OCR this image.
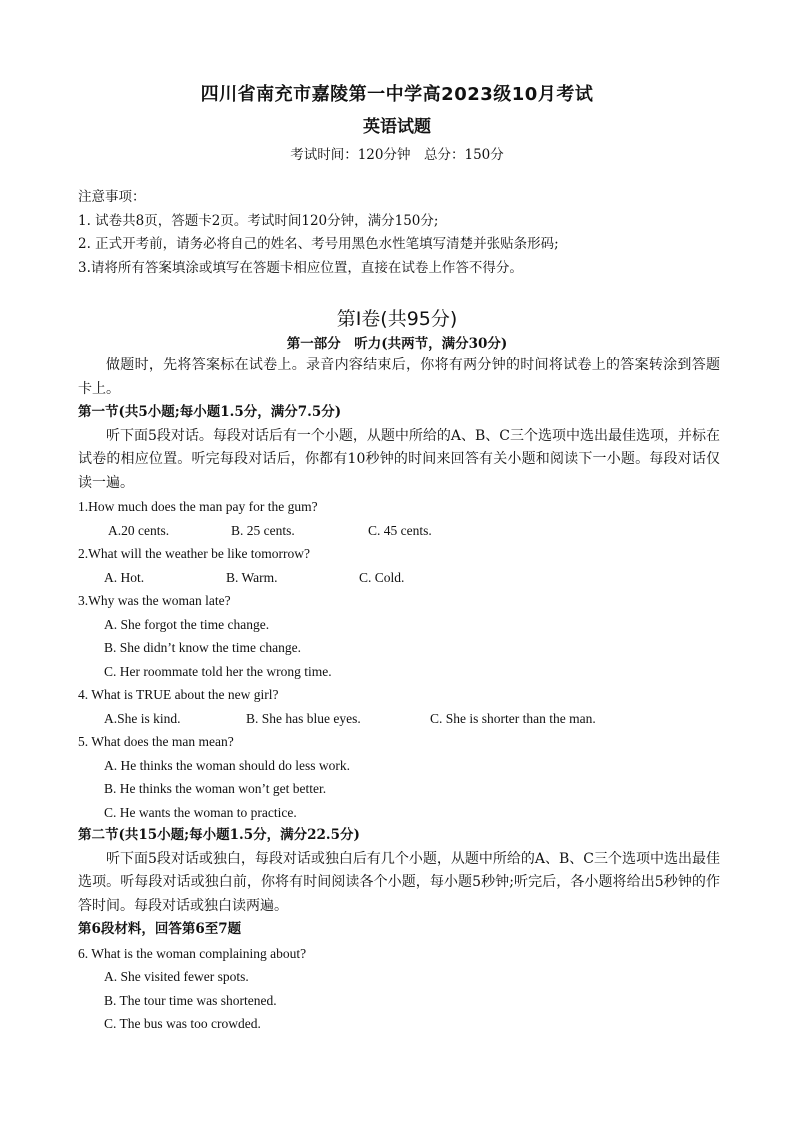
四川省南充市嘉陵第一中学高2023级10月考试
英语试题
考试时间：120分钟　总分：150分
注意事项：
1. 试卷共8页，答题卡2页。考试时间120分钟，满分150分;
2. 正式开考前，请务必将自己的姓名、考号用黑色水性笔填写清楚并张贴条形码;
3.请将所有答案填涂或填写在答题卡相应位置，直接在试卷上作答不得分。
第Ⅰ卷(共95分)
第一部分　听力(共两节，满分30分)
做题时，先将答案标在试卷上。录音内容结束后，你将有两分钟的时间将试卷上的答案转涂到答题卡上。
第一节(共5小题;每小题1.5分，满分7.5分)
听下面5段对话。每段对话后有一个小题，从题中所给的A、B、C三个选项中选出最佳选项，并标在试卷的相应位置。听完每段对话后，你都有10秒钟的时间来回答有关小题和阅读下一小题。每段对话仅读一遍。
1.How much does the man pay for the gum?
A.20 cents.	B. 25 cents.	C. 45 cents.
2.What will the weather be like tomorrow?
A. Hot.	B. Warm.	C. Cold.
3.Why was the woman late?
A. She forgot the time change.
B. She didn’t know the time change.
C. Her roommate told her the wrong time.
4. What is TRUE about the new girl?
A.She is kind.	B. She has blue eyes.	C. She is shorter than the man.
5. What does the man mean?
A. He thinks the woman should do less work.
B. He thinks the woman won’t get better.
C. He wants the woman to practice.
第二节(共15小题;每小题1.5分，满分22.5分)
听下面5段对话或独白，每段对话或独白后有几个小题，从题中所给的A、B、C三个选项中选出最佳选项。听每段对话或独白前，你将有时间阅读各个小题，每小题5秒钟;听完后，各小题将给出5秒钟的作答时间。每段对话或独白读两遍。
第6段材料，回答第6至7题
6. What is the woman complaining about?
A. She visited fewer spots.
B. The tour time was shortened.
C. The bus was too crowded.
